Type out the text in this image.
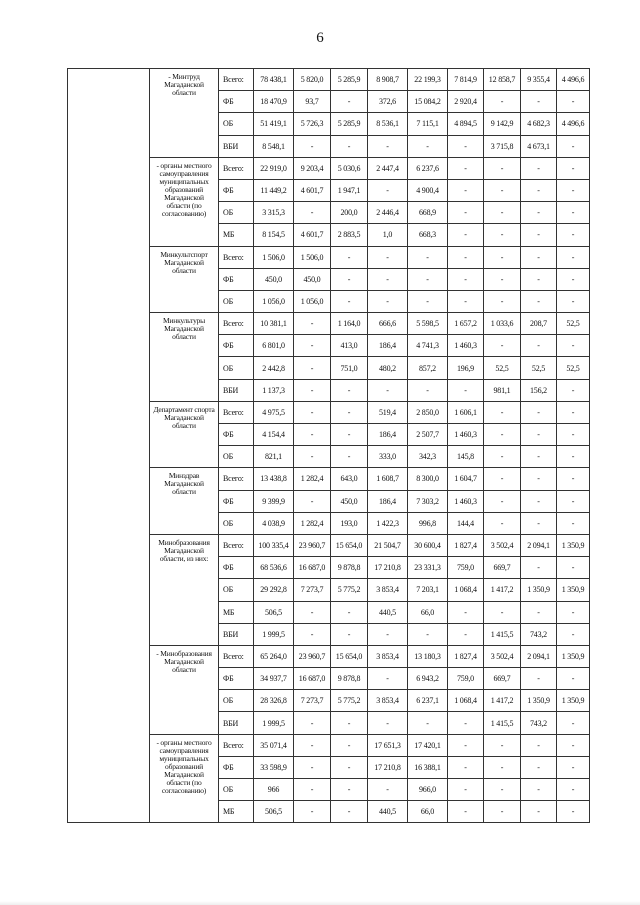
6
	- Минтруд Магаданской области	Всего:	78 438,1	5 820,0	5 285,9	8 908,7	22 199,3	7 814,9	12 858,7	9 355,4	4 496,6
		ФБ	18 470,9	93,7	-	372,6	15 084,2	2 920,4	-	-	-
		ОБ	51 419,1	5 726,3	5 285,9	8 536,1	7 115,1	4 894,5	9 142,9	4 682,3	4 496,6
		ВБИ	8 548,1	-	-	-	-	-	3 715,8	4 673,1	-
	- органы местного самоуправления муниципальных образований Магаданской области (по согласованию)	Всего:	22 919,0	9 203,4	5 030,6	2 447,4	6 237,6	-	-	-	-
		ФБ	11 449,2	4 601,7	1 947,1	-	4 900,4	-	-	-	-
		ОБ	3 315,3	-	200,0	2 446,4	668,9	-	-	-	-
		МБ	8 154,5	4 601,7	2 883,5	1,0	668,3	-	-	-	-
	Минкультспорт Магаданской области	Всего:	1 506,0	1 506,0	-	-	-	-	-	-	-
		ФБ	450,0	450,0	-	-	-	-	-	-	-
		ОБ	1 056,0	1 056,0	-	-	-	-	-	-	-
	Минкультуры Магаданской области	Всего:	10 381,1	-	1 164,0	666,6	5 598,5	1 657,2	1 033,6	208,7	52,5
		ФБ	6 801,0	-	413,0	186,4	4 741,3	1 460,3	-	-	-
		ОБ	2 442,8	-	751,0	480,2	857,2	196,9	52,5	52,5	52,5
		ВБИ	1 137,3	-	-	-	-	-	981,1	156,2	-
	Департамент спорта Магаданской области	Всего:	4 975,5	-	-	519,4	2 850,0	1 606,1	-	-	-
		ФБ	4 154,4	-	-	186,4	2 507,7	1 460,3	-	-	-
		ОБ	821,1	-	-	333,0	342,3	145,8	-	-	-
	Минздрав Магаданской области	Всего:	13 438,8	1 282,4	643,0	1 608,7	8 300,0	1 604,7	-	-	-
		ФБ	9 399,9	-	450,0	186,4	7 303,2	1 460,3	-	-	-
		ОБ	4 038,9	1 282,4	193,0	1 422,3	996,8	144,4	-	-	-
	Минобразования Магаданской области, из них:	Всего:	100 335,4	23 960,7	15 654,0	21 504,7	30 600,4	1 827,4	3 502,4	2 094,1	1 350,9
		ФБ	68 536,6	16 687,0	9 878,8	17 210,8	23 331,3	759,0	669,7	-	-
		ОБ	29 292,8	7 273,7	5 775,2	3 853,4	7 203,1	1 068,4	1 417,2	1 350,9	1 350,9
		МБ	506,5	-	-	440,5	66,0	-	-	-	-
		ВБИ	1 999,5	-	-	-	-	-	1 415,5	743,2	-
	- Минобразования Магаданской области	Всего:	65 264,0	23 960,7	15 654,0	3 853,4	13 180,3	1 827,4	3 502,4	2 094,1	1 350,9
		ФБ	34 937,7	16 687,0	9 878,8	-	6 943,2	759,0	669,7	-	-
		ОБ	28 326,8	7 273,7	5 775,2	3 853,4	6 237,1	1 068,4	1 417,2	1 350,9	1 350,9
		ВБИ	1 999,5	-	-	-	-	-	1 415,5	743,2	-
	- органы местного самоуправления муниципальных образований Магаданской области (по согласованию)	Всего:	35 071,4	-	-	17 651,3	17 420,1	-	-	-	-
		ФБ	33 598,9	-	-	17 210,8	16 388,1	-	-	-	-
		ОБ	966	-	-	-	966,0	-	-	-	-
		МБ	506,5	-	-	440,5	66,0	-	-	-	-
